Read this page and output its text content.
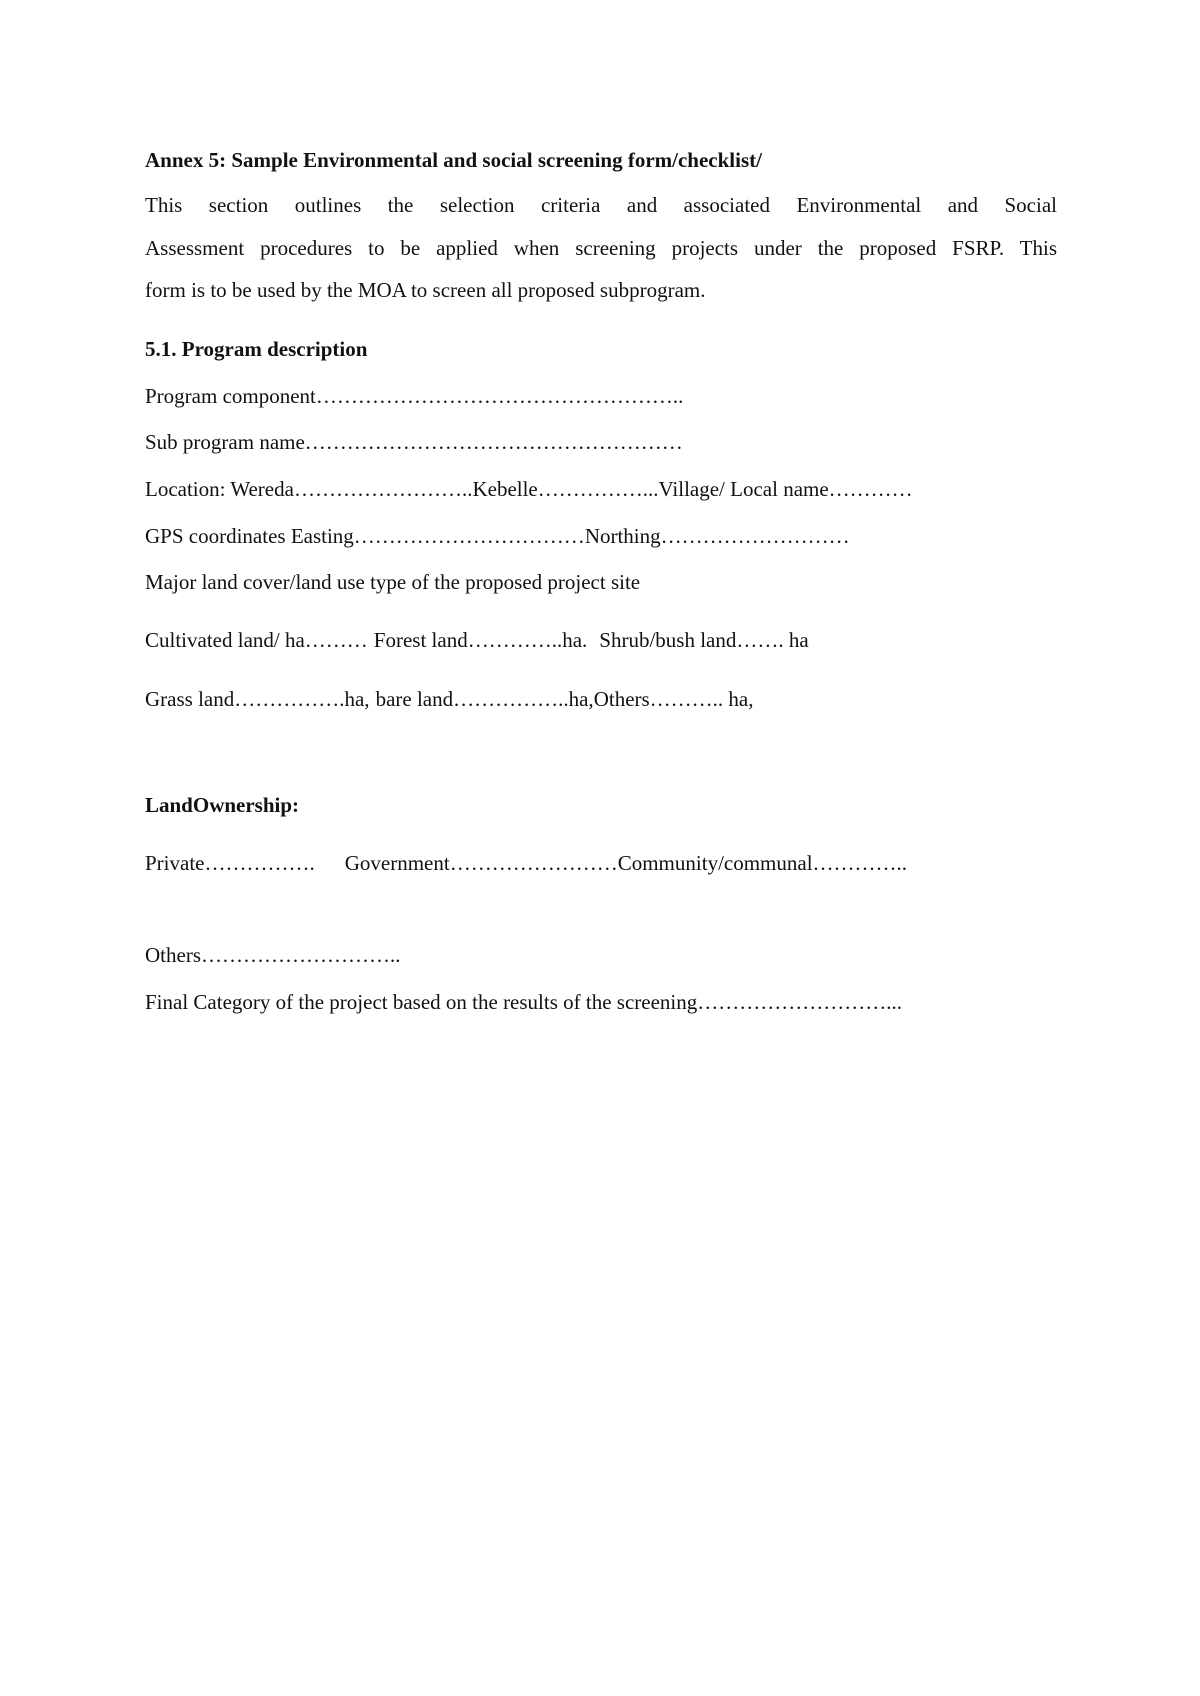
Annex 5: Sample Environmental and social screening form/checklist/
This section outlines the selection criteria and associated Environmental and Social
Assessment procedures to be applied when screening projects under the proposed FSRP. This
form is to be used by the MOA to screen all proposed subprogram.
5.1. Program description
Program component……………………………………………..
Sub program name………………………………………………
Location: Wereda……………………..Kebelle……………...Village/ Local name…………
GPS coordinates Easting……………………………Northing………………………
Major land cover/land use type of the proposed project site
Cultivated land/ ha……… Forest land…………..ha. Shrub/bush land……. ha
Grass land…………….ha, bare land……………..ha,Others……….. ha,
LandOwnership:
Private……………. Government……………………Community/communal…………..
Others………………………..
Final Category of the project based on the results of the screening………………………...
